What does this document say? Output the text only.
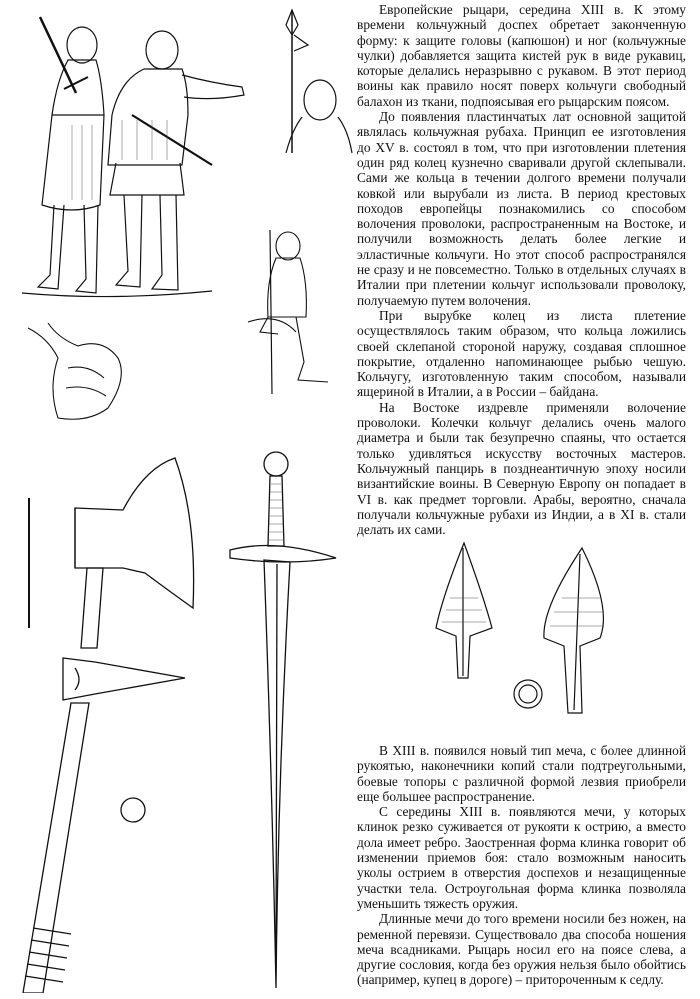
Европейские рыцари, середина XIII в. К этому времени кольчужный доспех обретает законченную форму: к защите головы (капюшон) и ног (кольчужные чулки) добавляется защита кистей рук в виде рукавиц, которые делались неразрывно с рукавом. В этот период воины как правило носят поверх кольчуги свободный балахон из ткани, подпоясывая его рыцарским поясом.

До появления пластинчатых лат основной защитой являлась кольчужная рубаха. Принцип ее изготовления до XV в. состоял в том, что при изготовлении плетения один ряд колец кузнечно сваривали другой склепывали. Сами же кольца в течении долгого времени получали ковкой или вырубали из листа. В период крестовых походов европейцы познакомились со способом волочения проволоки, распространенным на Востоке, и получили возможность делать более легкие и элластичные кольчуги. Но этот способ распространялся не сразу и не повсеместно. Только в отдельных случаях в Италии при плетении кольчуг использовали проволоку, получаемую путем волочения.

При вырубке колец из листа плетение осуществлялось таким образом, что кольца ложились своей склепаной стороной наружу, создавая сплошное покрытие, отдаленно напоминающее рыбью чешую. Кольчугу, изготовленную таким способом, называли ящериной в Италии, а в России – байдана.

На Востоке издревле применяли волочение проволоки. Колечки кольчуг делались очень малого диаметра и были так безупречно спаяны, что остается только удивляться искусству восточных мастеров. Кольчужный панцирь в позднеантичную эпоху носили византийские воины. В Северную Европу он попадает в VI в. как предмет торговли. Арабы, вероятно, сначала получали кольчужные рубахи из Индии, а в XI в. стали делать их сами.

В XIII в. появился новый тип меча, с более длинной рукоятью, наконечники копий стали подтреугольными, боевые топоры с различной формой лезвия приобрели еще большее распространение.

С середины XIII в. появляются мечи, у которых клинок резко суживается от рукояти к острию, а вместо дола имеет ребро. Заостренная форма клинка говорит об изменении приемов боя: стало возможным наносить уколы острием в отверстия доспехов и незащищенные участки тела. Остроугольная форма клинка позволяла уменьшить тяжесть оружия.

Длинные мечи до того времени носили без ножен, на ременной перевязи. Существовало два способа ношения меча всадниками. Рыцарь носил его на поясе слева, а другие сословия, когда без оружия нельзя было обойтись (например, купец в дороге) – притороченным к седлу.
